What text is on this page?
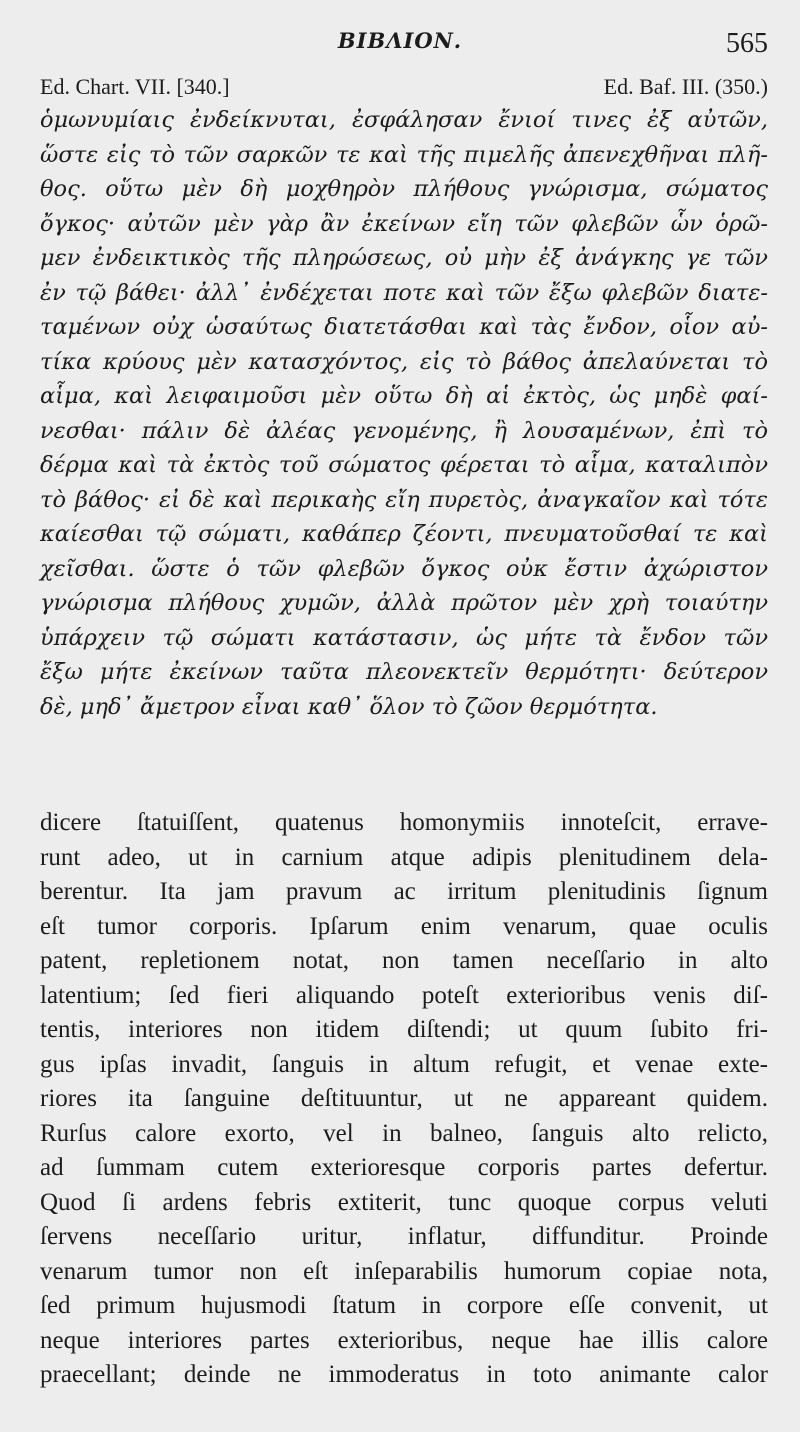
BIBΛΙΟΝ.	565
Ed. Chart. VII. [340.]	Ed. Baf. III. (350.)
ὁμωνυμίαις ἐνδείκνυται, ἐσφάλησαν ἔνιοί τινες ἐξ αὐτῶν,
ὥστε εἰς τὸ τῶν σαρκῶν τε καὶ τῆς πιμελῆς ἀπενεχθῆναι πλῆ-
θος. οὕτω μὲν δὴ μοχθηρὸν πλήθους γνώρισμα, σώματος
ὄγκος· αὐτῶν μὲν γὰρ ἂν ἐκείνων εἴη τῶν φλεβῶν ὧν ὁρῶ-
μεν ἐνδεικτικὸς τῆς πληρώσεως, οὐ μὴν ἐξ ἀνάγκης γε τῶν
ἐν τῷ βάθει· ἀλλ᾿ ἐνδέχεται ποτε καὶ τῶν ἔξω φλεβῶν διατε-
ταμένων οὐχ ὡσαύτως διατετάσθαι καὶ τὰς ἔνδον, οἷον αὐ-
τίκα κρύους μὲν κατασχόντος, εἰς τὸ βάθος ἀπελαύνεται τὸ
αἷμα, καὶ λειφαιμοῦσι μὲν οὕτω δὴ αἱ ἐκτὸς, ὡς μηδὲ φαί-
νεσθαι· πάλιν δὲ ἀλέας γενομένης, ἢ λουσαμένων, ἐπὶ τὸ
δέρμα καὶ τὰ ἐκτὸς τοῦ σώματος φέρεται τὸ αἷμα, καταλιπὸν
τὸ βάθος· εἰ δὲ καὶ περικαὴς εἴη πυρετὸς, ἀναγκαῖον καὶ τότε
καίεσθαι τῷ σώματι, καθάπερ ζέοντι, πνευματοῦσθαί τε καὶ
χεῖσθαι. ὥστε ὁ τῶν φλεβῶν ὄγκος οὐκ ἔστιν ἀχώριστον
γνώρισμα πλήθους χυμῶν, ἀλλὰ πρῶτον μὲν χρὴ τοιαύτην
ὑπάρχειν τῷ σώματι κατάστασιν, ὡς μήτε τὰ ἔνδον τῶν
ἔξω μήτε ἐκείνων ταῦτα πλεονεκτεῖν θερμότητι· δεύτερον
δὲ, μηδ᾿ ἄμετρον εἶναι καθ᾿ ὅλον τὸ ζῶον θερμότητα.
dicere ſtatuiſſent, quatenus homonymiis innoteſcit, errave-
runt adeo, ut in carnium atque adipis plenitudinem dela-
berentur. Ita jam pravum ac irritum plenitudinis ſignum
eſt tumor corporis. Ipſarum enim venarum, quae oculis
patent, repletionem notat, non tamen neceſſario in alto
latentium; ſed fieri aliquando poteſt exterioribus venis diſ-
tentis, interiores non itidem diſtendi; ut quum ſubito fri-
gus ipſas invadit, ſanguis in altum refugit, et venae exte-
riores ita ſanguine deſtituuntur, ut ne appareant quidem.
Rurſus calore exorto, vel in balneo, ſanguis alto relicto,
ad ſummam cutem exterioresque corporis partes defertur.
Quod ſi ardens febris extiterit, tunc quoque corpus veluti
ſervens neceſſario uritur, inflatur, diffunditur. Proinde
venarum tumor non eſt inſeparabilis humorum copiae nota,
ſed primum hujusmodi ſtatum in corpore eſſe convenit, ut
neque interiores partes exterioribus, neque hae illis calore
praecellant; deinde ne immoderatus in toto animante calor
